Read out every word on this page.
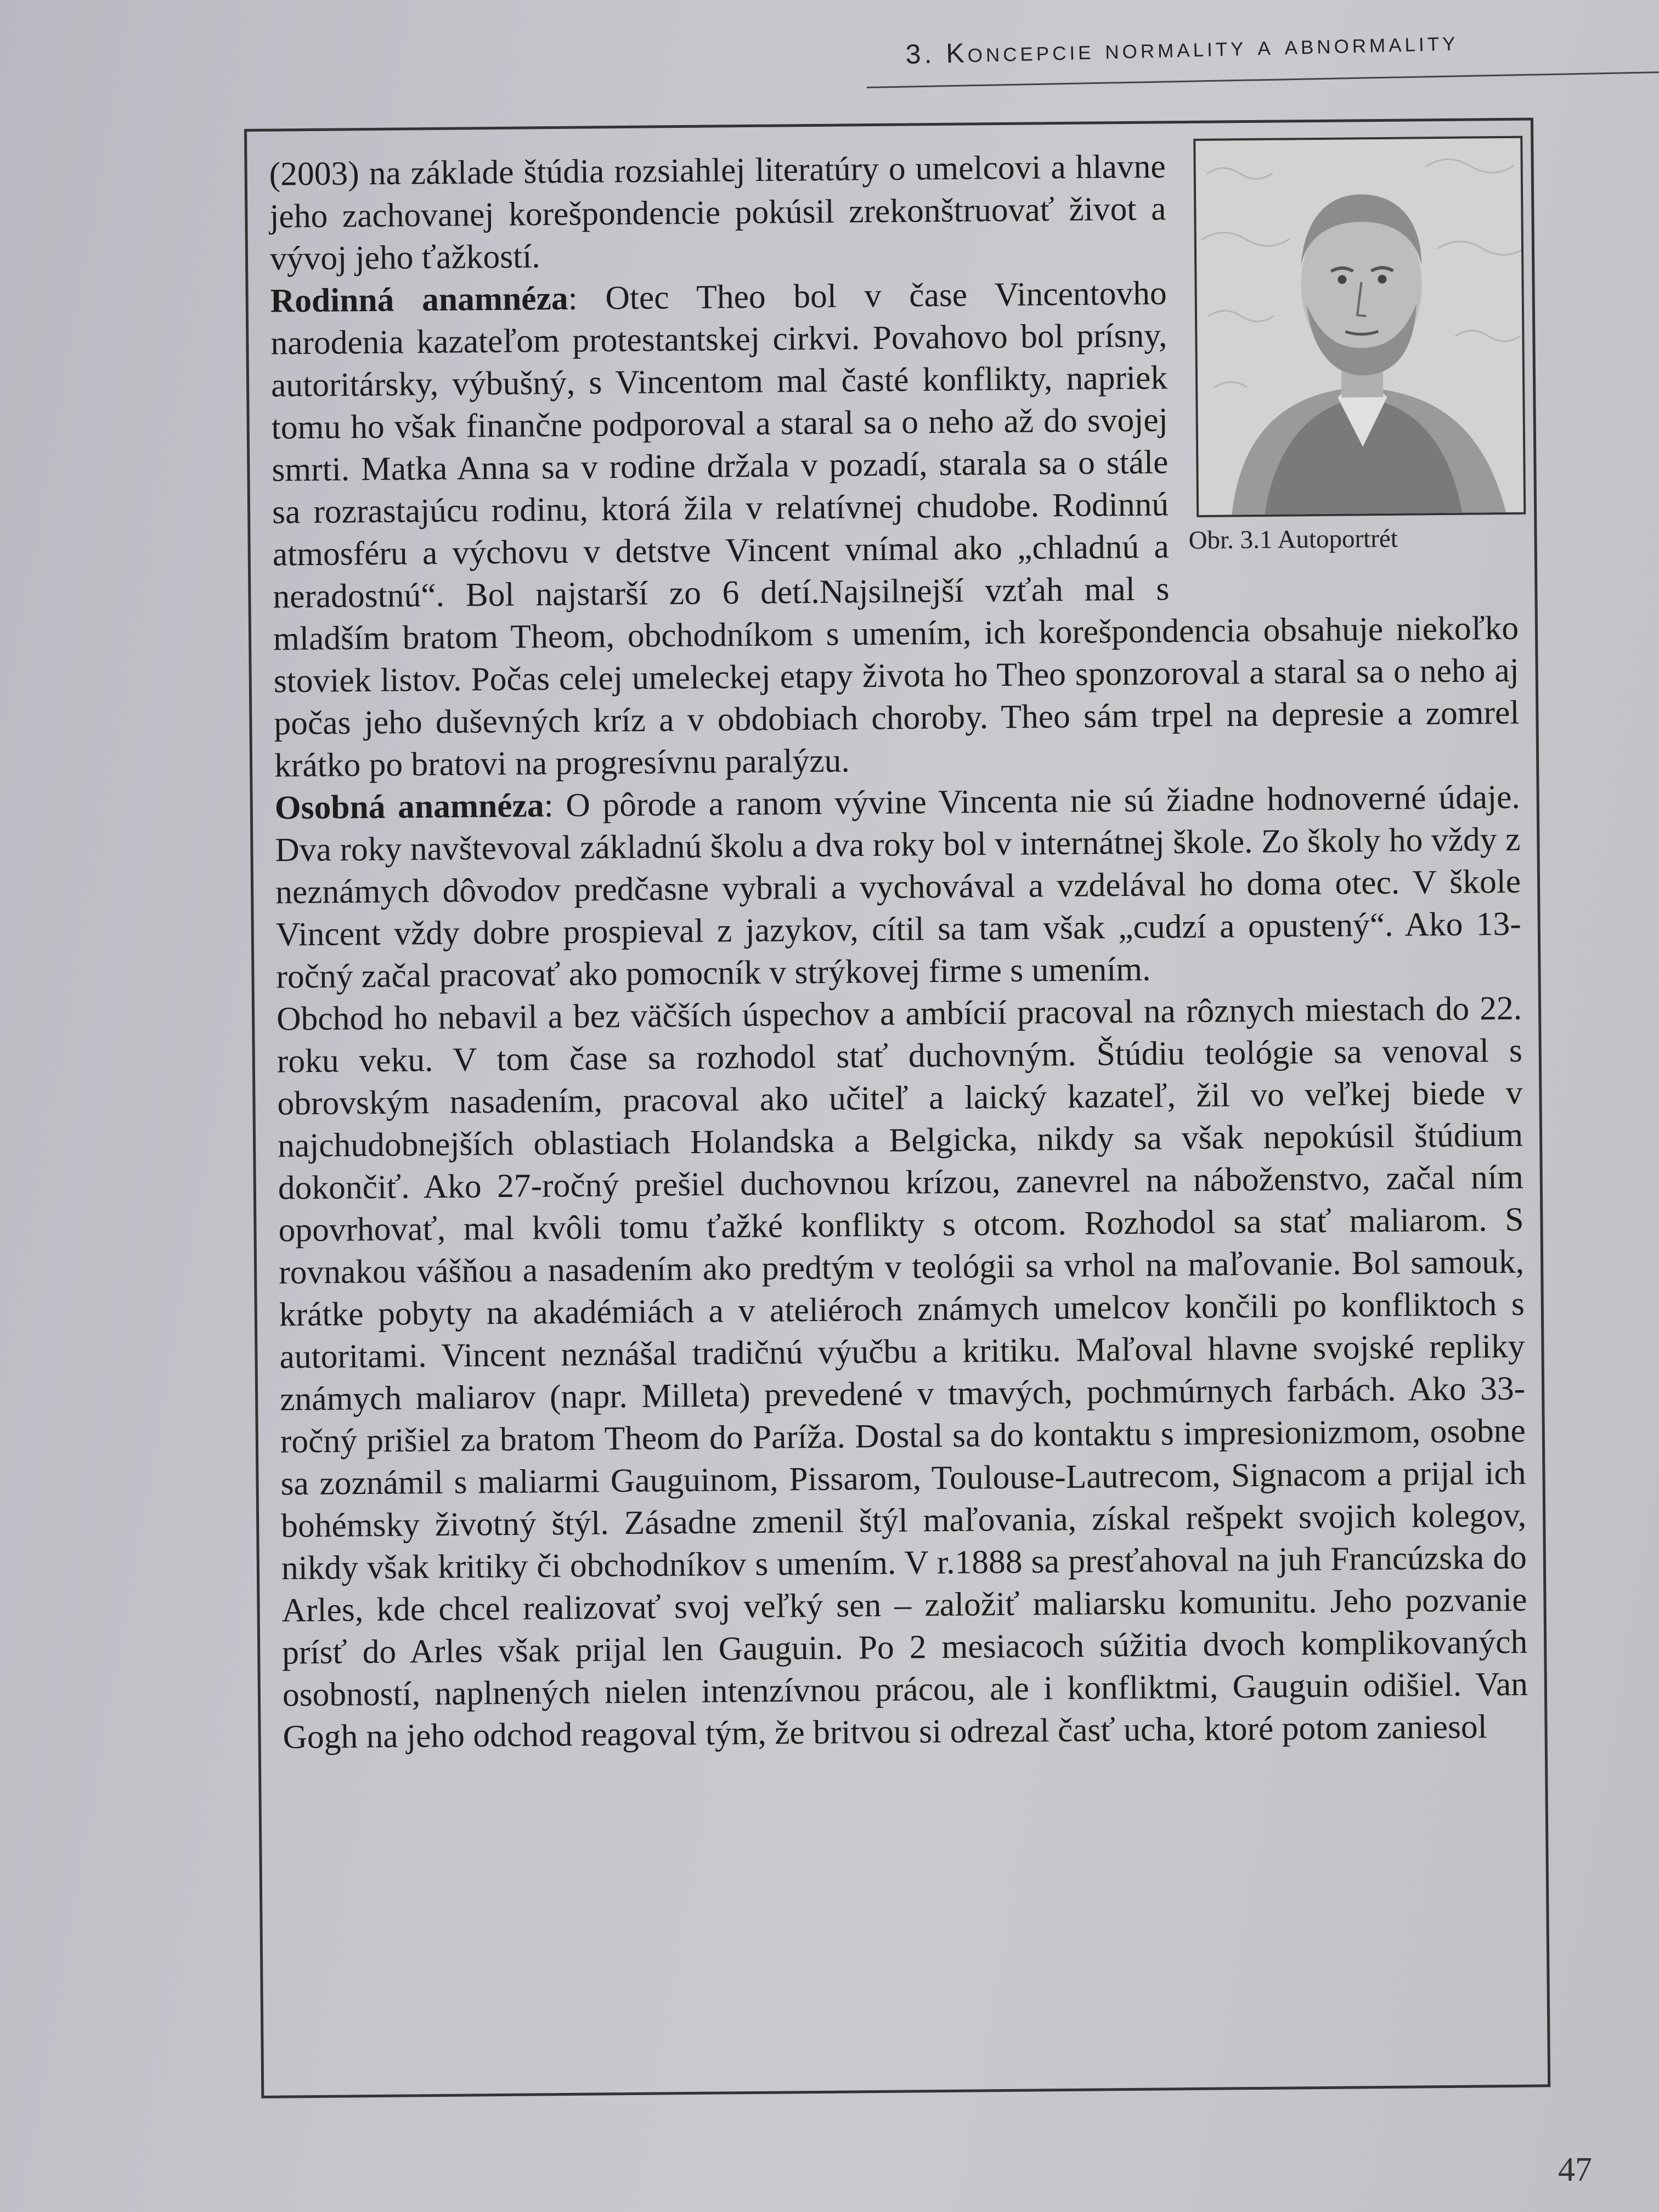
3. Koncepcie normality a abnormality
Obr. 3.1 Autoportrét

(2003) na základe štúdia rozsiahlej literatúry o umelcovi a hlavne jeho zachovanej korešpondencie pokúsil zrekonštruovať život a vývoj jeho ťažkostí.

Rodinná anamnéza: Otec Theo bol v čase Vincentovho narodenia kazateľom protestantskej cirkvi. Povahovo bol prísny, autoritársky, výbušný, s Vincentom mal časté konflikty, napriek tomu ho však finančne podporoval a staral sa o neho až do svojej smrti. Matka Anna sa v rodine držala v pozadí, starala sa o stále sa rozrastajúcu rodinu, ktorá žila v relatívnej chudobe. Rodinnú atmosféru a výchovu v detstve Vincent vnímal ako „chladnú a neradostnú“. Bol najstarší zo 6 detí.Najsilnejší vzťah mal s mladším bratom Theom, obchodníkom s umením, ich korešpondencia obsahuje niekoľko stoviek listov. Počas celej umeleckej etapy života ho Theo sponzoroval a staral sa o neho aj počas jeho duševných kríz a v obdobiach choroby. Theo sám trpel na depresie a zomrel krátko po bratovi na progresívnu paralýzu.

Osobná anamnéza: O pôrode a ranom vývine Vincenta nie sú žiadne hodnoverné údaje. Dva roky navštevoval základnú školu a dva roky bol v internátnej škole. Zo školy ho vždy z neznámych dôvodov predčasne vybrali a vychovával a vzdelával ho doma otec. V škole Vincent vždy dobre prospieval z jazykov, cítil sa tam však „cudzí a opustený“. Ako 13- ročný začal pracovať ako pomocník v strýkovej firme s umením.

Obchod ho nebavil a bez väčších úspechov a ambícií pracoval na rôznych miestach do 22. roku veku. V tom čase sa rozhodol stať duchovným. Štúdiu teológie sa venoval s obrovským nasadením, pracoval ako učiteľ a laický kazateľ, žil vo veľkej biede v najchudobnejších oblastiach Holandska a Belgicka, nikdy sa však nepokúsil štúdium dokončiť. Ako 27-ročný prešiel duchovnou krízou, zanevrel na náboženstvo, začal ním opovrhovať, mal kvôli tomu ťažké konflikty s otcom. Rozhodol sa stať maliarom. S rovnakou vášňou a nasadením ako predtým v teológii sa vrhol na maľovanie. Bol samouk, krátke pobyty na akadémiách a v ateliéroch známych umelcov končili po konfliktoch s autoritami. Vincent neznášal tradičnú výučbu a kritiku. Maľoval hlavne svojské repliky známych maliarov (napr. Milleta) prevedené v tmavých, pochmúrnych farbách. Ako 33-ročný prišiel za bratom Theom do Paríža. Dostal sa do kontaktu s impresionizmom, osobne sa zoznámil s maliarmi Gauguinom, Pissarom, Toulouse-Lautrecom, Signacom a prijal ich bohémsky životný štýl. Zásadne zmenil štýl maľovania, získal rešpekt svojich kolegov, nikdy však kritiky či obchodníkov s umením. V r.1888 sa presťahoval na juh Francúzska do Arles, kde chcel realizovať svoj veľký sen – založiť maliarsku komunitu. Jeho pozvanie prísť do Arles však prijal len Gauguin. Po 2 mesiacoch súžitia dvoch komplikovaných osobností, naplnených nielen intenzívnou prácou, ale i konfliktmi, Gauguin odišiel. Van Gogh na jeho odchod reagoval tým, že britvou si odrezal časť ucha, ktoré potom zaniesol

47
